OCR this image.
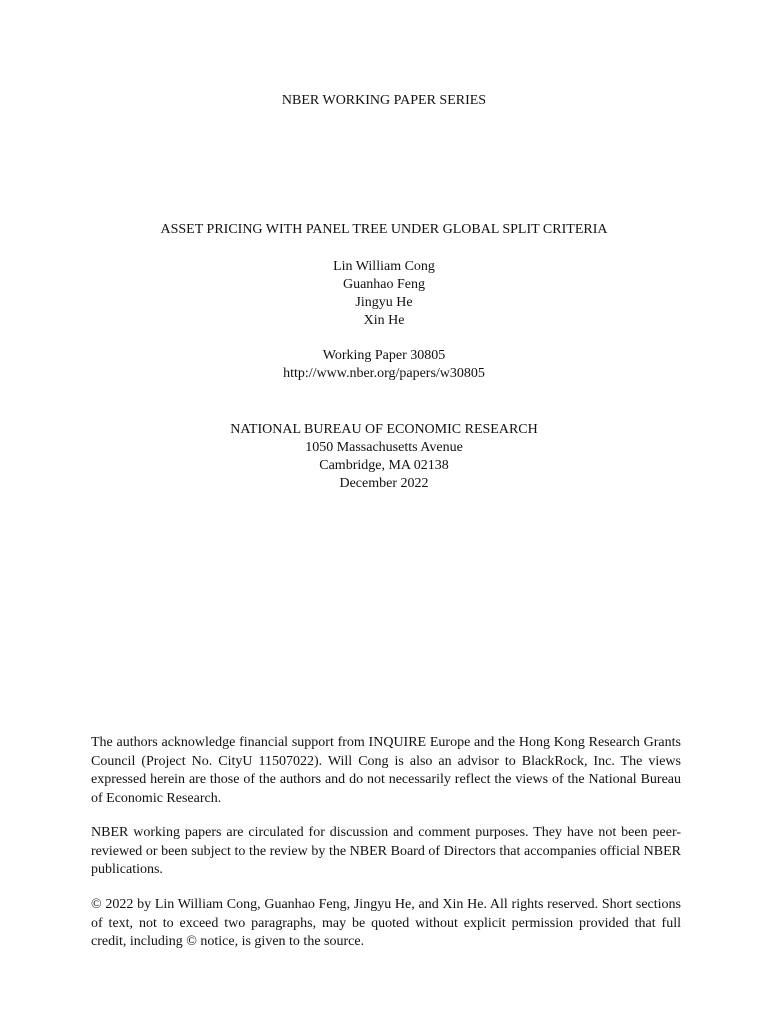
NBER WORKING PAPER SERIES
ASSET PRICING WITH PANEL TREE UNDER GLOBAL SPLIT CRITERIA
Lin William Cong
Guanhao Feng
Jingyu He
Xin He
Working Paper 30805
http://www.nber.org/papers/w30805
NATIONAL BUREAU OF ECONOMIC RESEARCH
1050 Massachusetts Avenue
Cambridge, MA 02138
December 2022

The authors acknowledge financial support from INQUIRE Europe and the Hong Kong Research Grants Council (Project No. CityU 11507022). Will Cong is also an advisor to BlackRock, Inc. The views expressed herein are those of the authors and do not necessarily reflect the views of the National Bureau of Economic Research.

NBER working papers are circulated for discussion and comment purposes. They have not been peer-reviewed or been subject to the review by the NBER Board of Directors that accompanies official NBER publications.

© 2022 by Lin William Cong, Guanhao Feng, Jingyu He, and Xin He. All rights reserved. Short sections of text, not to exceed two paragraphs, may be quoted without explicit permission provided that full credit, including © notice, is given to the source.
